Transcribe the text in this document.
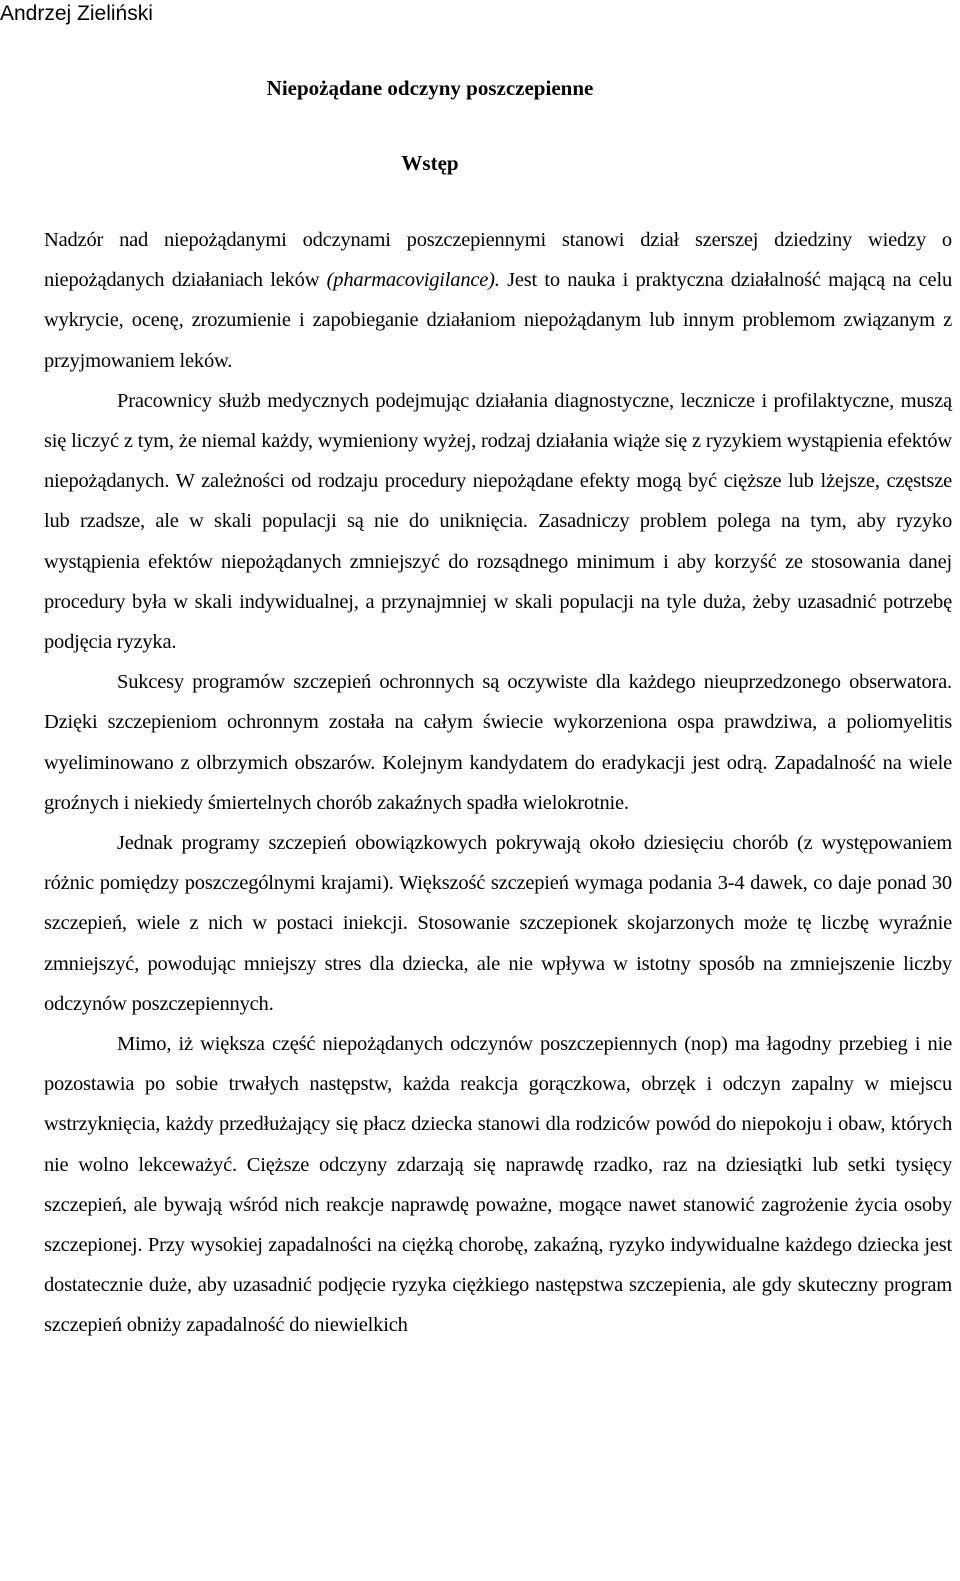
Andrzej Zieliński
Niepożądane odczyny poszczepienne
Wstęp

Nadzór nad niepożądanymi odczynami poszczepiennymi stanowi dział szerszej dziedziny wiedzy o niepożądanych działaniach leków (pharmacovigilance). Jest to nauka i praktyczna działalność mającą na celu wykrycie, ocenę, zrozumienie i zapobieganie działaniom niepożądanym lub innym problemom związanym z przyjmowaniem leków.

Pracownicy służb medycznych podejmując działania diagnostyczne, lecznicze i profilaktyczne, muszą się liczyć z tym, że niemal każdy, wymieniony wyżej, rodzaj działania wiąże się z ryzykiem wystąpienia efektów niepożądanych. W zależności od rodzaju procedury niepożądane efekty mogą być cięższe lub lżejsze, częstsze lub rzadsze, ale w skali populacji są nie do uniknięcia. Zasadniczy problem polega na tym, aby ryzyko wystąpienia efektów niepożądanych zmniejszyć do rozsądnego minimum i aby korzyść ze stosowania danej procedury była w skali indywidualnej, a przynajmniej w skali populacji na tyle duża, żeby uzasadnić potrzebę podjęcia ryzyka.

Sukcesy programów szczepień ochronnych są oczywiste dla każdego nieuprzedzonego obserwatora. Dzięki szczepieniom ochronnym została na całym świecie wykorzeniona ospa prawdziwa, a poliomyelitis wyeliminowano z olbrzymich obszarów. Kolejnym kandydatem do eradykacji jest odrą. Zapadalność na wiele groźnych i niekiedy śmiertelnych chorób zakaźnych spadła wielokrotnie.

Jednak programy szczepień obowiązkowych pokrywają około dziesięciu chorób (z występowaniem różnic pomiędzy poszczególnymi krajami). Większość szczepień wymaga podania 3-4 dawek, co daje ponad 30 szczepień, wiele z nich w postaci iniekcji. Stosowanie szczepionek skojarzonych może tę liczbę wyraźnie zmniejszyć, powodując mniejszy stres dla dziecka, ale nie wpływa w istotny sposób na zmniejszenie liczby odczynów poszczepiennych.

Mimo, iż większa część niepożądanych odczynów poszczepiennych (nop) ma łagodny przebieg i nie pozostawia po sobie trwałych następstw, każda reakcja gorączkowa, obrzęk i odczyn zapalny w miejscu wstrzyknięcia, każdy przedłużający się płacz dziecka stanowi dla rodziców powód do niepokoju i obaw, których nie wolno lekceważyć. Cięższe odczyny zdarzają się naprawdę rzadko, raz na dziesiątki lub setki tysięcy szczepień, ale bywają wśród nich reakcje naprawdę poważne, mogące nawet stanowić zagrożenie życia osoby szczepionej. Przy wysokiej zapadalności na ciężką chorobę, zakaźną, ryzyko indywidualne każdego dziecka jest dostatecznie duże, aby uzasadnić podjęcie ryzyka ciężkiego następstwa szczepienia, ale gdy skuteczny program szczepień obniży zapadalność do niewielkich
